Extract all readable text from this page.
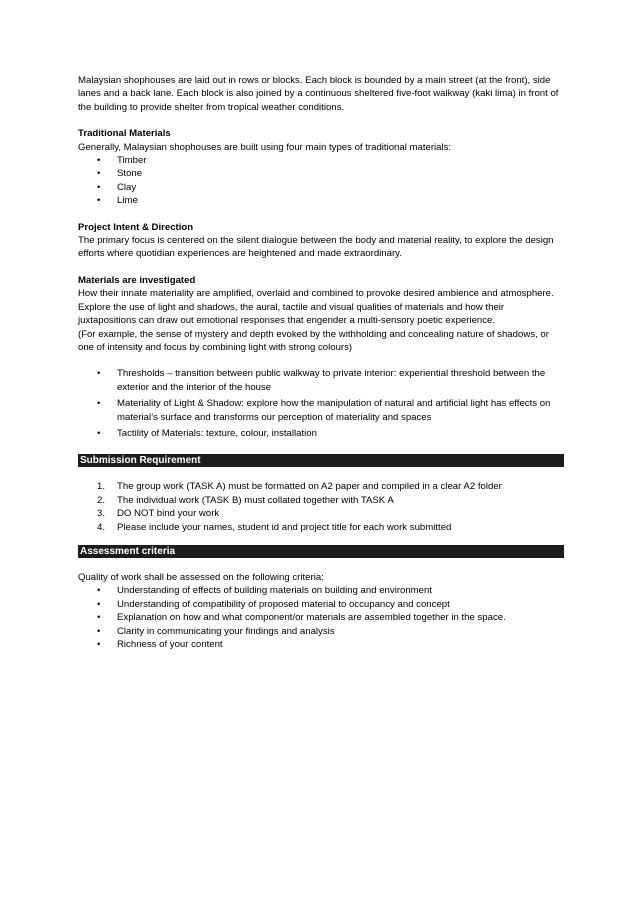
Malaysian shophouses are laid out in rows or blocks. Each block is bounded by a main street (at the front), side lanes and a back lane. Each block is also joined by a continuous sheltered five-foot walkway (kaki lima) in front of the building to provide shelter from tropical weather conditions.

Traditional Materials

Generally, Malaysian shophouses are built using four main types of traditional materials:

• Timber
• Stone
• Clay
• Lime

Project Intent & Direction

The primary focus is centered on the silent dialogue between the body and material reality, to explore the design efforts where quotidian experiences are heightened and made extraordinary.

Materials are investigated

How their innate materiality are amplified, overlaid and combined to provoke desired ambience and atmosphere.

Explore the use of light and shadows, the aural, tactile and visual qualities of materials and how their juxtapositions can draw out emotional responses that engender a multi-sensory poetic experience.

(For example, the sense of mystery and depth evoked by the withholding and concealing nature of shadows, or one of intensity and focus by combining light with strong colours)

• Thresholds – transition between public walkway to private interior: experiential threshold between the exterior and the interior of the house
• Materiality of Light & Shadow: explore how the manipulation of natural and artificial light has effects on material’s surface and transforms our perception of materiality and spaces
• Tactility of Materials: texture, colour, installation
Submission Requirement
1. The group work (TASK A) must be formatted on A2 paper and compiled in a clear A2 folder
2. The individual work (TASK B) must collated together with TASK A
3. DO NOT bind your work
4. Please include your names, student id and project title for each work submitted
Assessment criteria

Quality of work shall be assessed on the following criteria:

• Understanding of effects of building materials on building and environment
• Understanding of compatibility of proposed material to occupancy and concept
• Explanation on how and what component/or materials are assembled together in the space.
• Clarity in communicating your findings and analysis
• Richness of your content
